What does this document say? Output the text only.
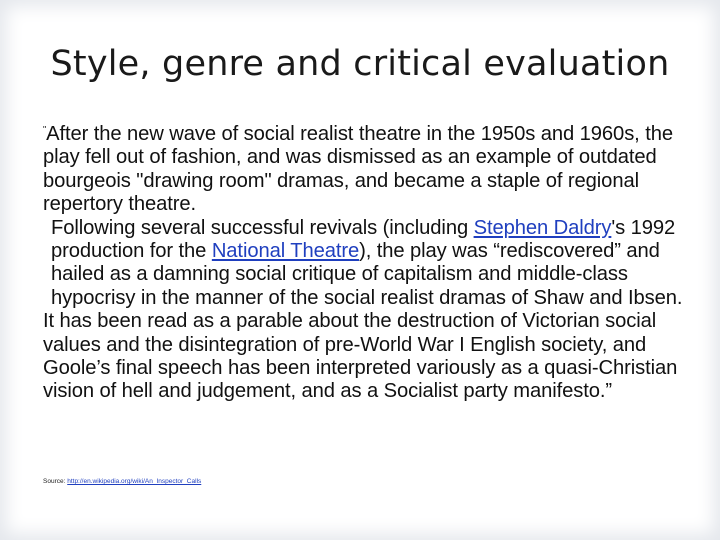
Style, genre and critical evaluation

"After the new wave of social realist theatre in the 1950s and 1960s, the play fell out of fashion, and was dismissed as an example of outdated bourgeois "drawing room" dramas, and became a staple of regional repertory theatre.

Following several successful revivals (including Stephen Daldry's 1992 production for the National Theatre), the play was “rediscovered” and hailed as a damning social critique of capitalism and middle-class hypocrisy in the manner of the social realist dramas of Shaw and Ibsen.

It has been read as a parable about the destruction of Victorian social values and the disintegration of pre-World War I English society, and Goole’s final speech has been interpreted variously as a quasi-Christian vision of hell and judgement, and as a Socialist party manifesto.”

Source: http://en.wikipedia.org/wiki/An_Inspector_Calls
